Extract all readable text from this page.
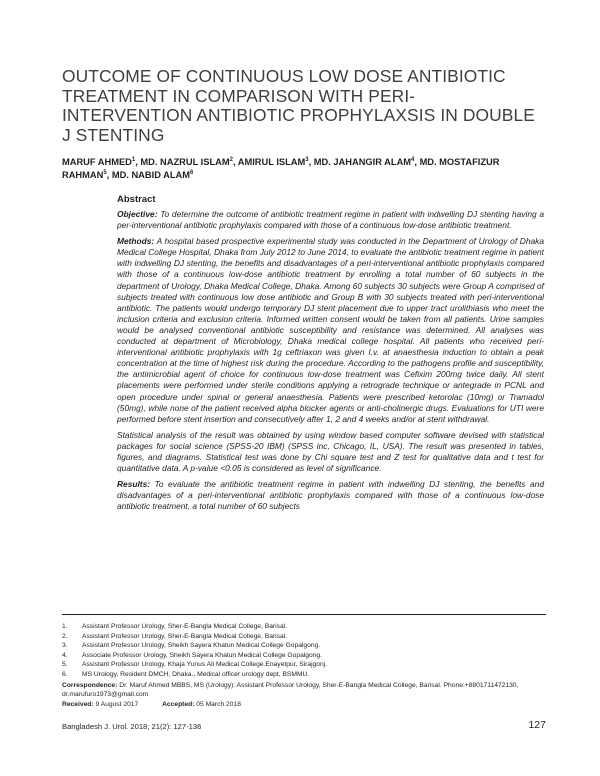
OUTCOME OF CONTINUOUS LOW DOSE ANTIBIOTIC TREATMENT IN COMPARISON WITH PERI-INTERVENTION ANTIBIOTIC PROPHYLAXSIS IN DOUBLE J STENTING

MARUF AHMED$^1$, MD. NAZRUL ISLAM$^2$, AMIRUL ISLAM$^3$, MD. JAHANGIR ALAM$^4$, MD. MOSTAFIZUR RAHMAN$^5$, MD. NABID ALAM$^6$

Abstract

Objective: To determine the outcome of antibiotic treatment regime in patient with indwelling DJ stenting having a per-interventional antibiotic prophylaxis compared with those of a continuous low-dose antibiotic treatment.

Methods: A hospital based prospective experimental study was conducted in the Department of Urology of Dhaka Medical College Hospital, Dhaka from July 2012 to June 2014, to evaluate the antibiotic treatment regime in patient with indwelling DJ stenting, the benefits and disadvantages of a peri-interventional antibiotic prophylaxis compared with those of a continuous low-dose antibiotic treatment by enrolling a total number of 60 subjects in the department of Urology, Dhaka Medical College, Dhaka. Among 60 subjects 30 subjects were Group A comprised of subjects treated with continuous low dose antibiotic and Group B with 30 subjects treated with peri-interventional antibiotic. The patients would undergo temporary DJ stent placement due to upper tract urolithiasis who meet the inclusion criteria and exclusion criteria. Informed written consent would be taken from all patients. Urine samples would be analysed conventional antibiotic susceptibility and resistance was determined. All analyses was conducted at department of Microbiology, Dhaka medical college hospital. All patients who received peri-interventional antibiotic prophylaxis with 1g ceftriaxon was given I.v. at anaesthesia induction to obtain a peak concentration at the time of highest risk during the procedure. According to the pathogens profile and susceptibility, the antimicrobial agent of choice for continuous low-dose treatment was Cefixim 200mg twice daily. All stent placements were performed under sterile conditions applying a retrograde technique or antegrade in PCNL and open procedure under spinal or general anaesthesia. Patients were prescribed ketorolac (10mg) or Tramadol (50mg), while none of the patient received alpha blocker agents or anti-cholinergic drugs. Evaluations for UTI were performed before stent insertion and consecutively after 1, 2 and 4 weeks and/or at stent withdrawal.

Statistical analysis of the result was obtained by using window based computer software devised with statistical packages for social science (SPSS-20 IBM) (SPSS inc, Chicago, IL, USA). The result was presented in tables, figures, and diagrams. Statistical test was done by Chi square test and Z test for qualitative data and t test for quantitative data. A p-value <0.05 is considered as level of significance.

Results: To evaluate the antibiotic treatment regime in patient with indwelling DJ stenting, the benefits and disadvantages of a peri-interventional antibiotic prophylaxis compared with those of a continuous low-dose antibiotic treatment, a total number of 60 subjects

1. Assistant Professor Urology, Sher-E-Bangla Medical College, Barisal.
2. Assistant Professor Urology, Sher-E-Bangla Medical College, Barisal.
3. Assistant Professor Urology, Sheikh Sayera Khatun Medical College Gopalgong.
4. Associate Professor Urology, Sheikh Sayera Khatun Medical College Gopalgong.
5. Assistant Professor Urology, Khaja Yunus Ali Medical College.Enayetpur, Sirajgonj.
6. MS Urology, Resident DMCH, Dhaka., Medical officer urology dept, BSMMU.

Correspondence: Dr. Maruf Ahmed MBBS, MS (Urology): Assistant Professor Urology, Sher-E-Bangla Medical College, Barisal. Phone:+8801711472130, dr.marufuro1973@gmail.com

Received: 9 August 2017	Accepted: 05 March 2018

Bangladesh J. Urol. 2018; 21(2): 127-136	127
